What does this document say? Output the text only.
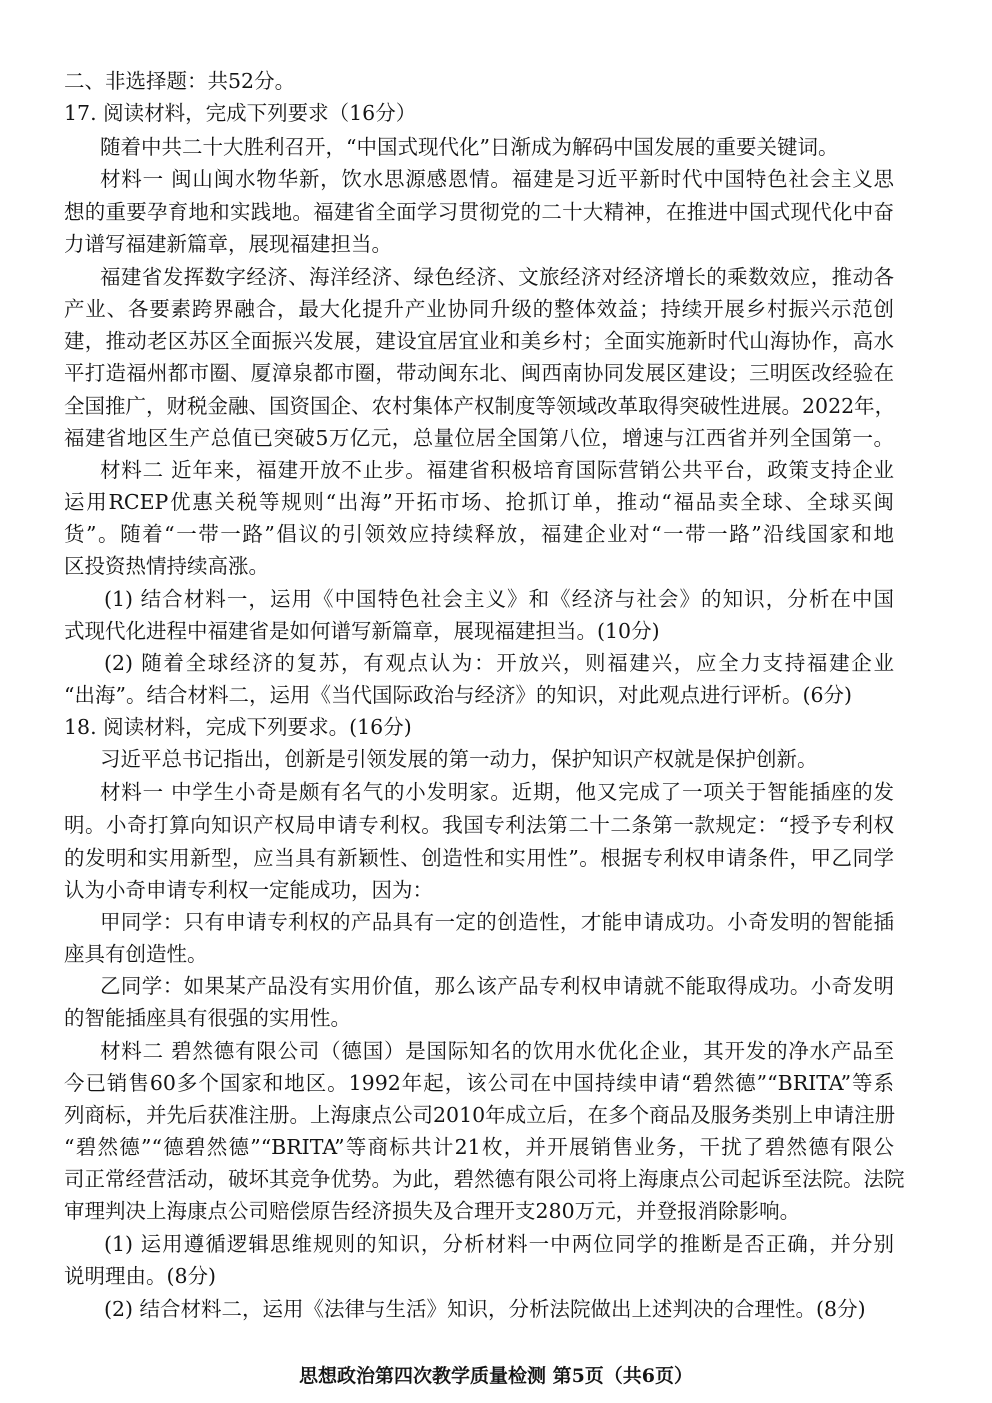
二、非选择题：共52分。
17. 阅读材料，完成下列要求（16分）
随着中共二十大胜利召开，“中国式现代化”日渐成为解码中国发展的重要关键词。
材料一 闽山闽水物华新，饮水思源感恩情。福建是习近平新时代中国特色社会主义思
想的重要孕育地和实践地。福建省全面学习贯彻党的二十大精神，在推进中国式现代化中奋
力谱写福建新篇章，展现福建担当。
福建省发挥数字经济、海洋经济、绿色经济、文旅经济对经济增长的乘数效应，推动各
产业、各要素跨界融合，最大化提升产业协同升级的整体效益；持续开展乡村振兴示范创
建，推动老区苏区全面振兴发展，建设宜居宜业和美乡村；全面实施新时代山海协作，高水
平打造福州都市圈、厦漳泉都市圈，带动闽东北、闽西南协同发展区建设；三明医改经验在
全国推广，财税金融、国资国企、农村集体产权制度等领域改革取得突破性进展。2022年，
福建省地区生产总值已突破5万亿元，总量位居全国第八位，增速与江西省并列全国第一。
材料二 近年来，福建开放不止步。福建省积极培育国际营销公共平台，政策支持企业
运用RCEP优惠关税等规则“出海”开拓市场、抢抓订单，推动“福品卖全球、全球买闽
货”。随着“一带一路”倡议的引领效应持续释放，福建企业对“一带一路”沿线国家和地
区投资热情持续高涨。
(1) 结合材料一，运用《中国特色社会主义》和《经济与社会》的知识，分析在中国
式现代化进程中福建省是如何谱写新篇章，展现福建担当。(10分)
(2) 随着全球经济的复苏，有观点认为：开放兴，则福建兴，应全力支持福建企业
“出海”。结合材料二，运用《当代国际政治与经济》的知识，对此观点进行评析。(6分)
18. 阅读材料，完成下列要求。(16分)
习近平总书记指出，创新是引领发展的第一动力，保护知识产权就是保护创新。
材料一 中学生小奇是颇有名气的小发明家。近期，他又完成了一项关于智能插座的发
明。小奇打算向知识产权局申请专利权。我国专利法第二十二条第一款规定：“授予专利权
的发明和实用新型，应当具有新颖性、创造性和实用性”。根据专利权申请条件，甲乙同学
认为小奇申请专利权一定能成功，因为：
甲同学：只有申请专利权的产品具有一定的创造性，才能申请成功。小奇发明的智能插
座具有创造性。
乙同学：如果某产品没有实用价值，那么该产品专利权申请就不能取得成功。小奇发明
的智能插座具有很强的实用性。
材料二 碧然德有限公司（德国）是国际知名的饮用水优化企业，其开发的净水产品至
今已销售60多个国家和地区。1992年起，该公司在中国持续申请“碧然德”“BRITA”等系
列商标，并先后获准注册。上海康点公司2010年成立后，在多个商品及服务类别上申请注册
“碧然德”“德碧然德”“BRITA”等商标共计21枚，并开展销售业务，干扰了碧然德有限公
司正常经营活动，破坏其竞争优势。为此，碧然德有限公司将上海康点公司起诉至法院。法院
审理判决上海康点公司赔偿原告经济损失及合理开支280万元，并登报消除影响。
(1) 运用遵循逻辑思维规则的知识，分析材料一中两位同学的推断是否正确，并分别
说明理由。(8分)
(2) 结合材料二，运用《法律与生活》知识，分析法院做出上述判决的合理性。(8分)
思想政治第四次教学质量检测 第5页（共6页）
